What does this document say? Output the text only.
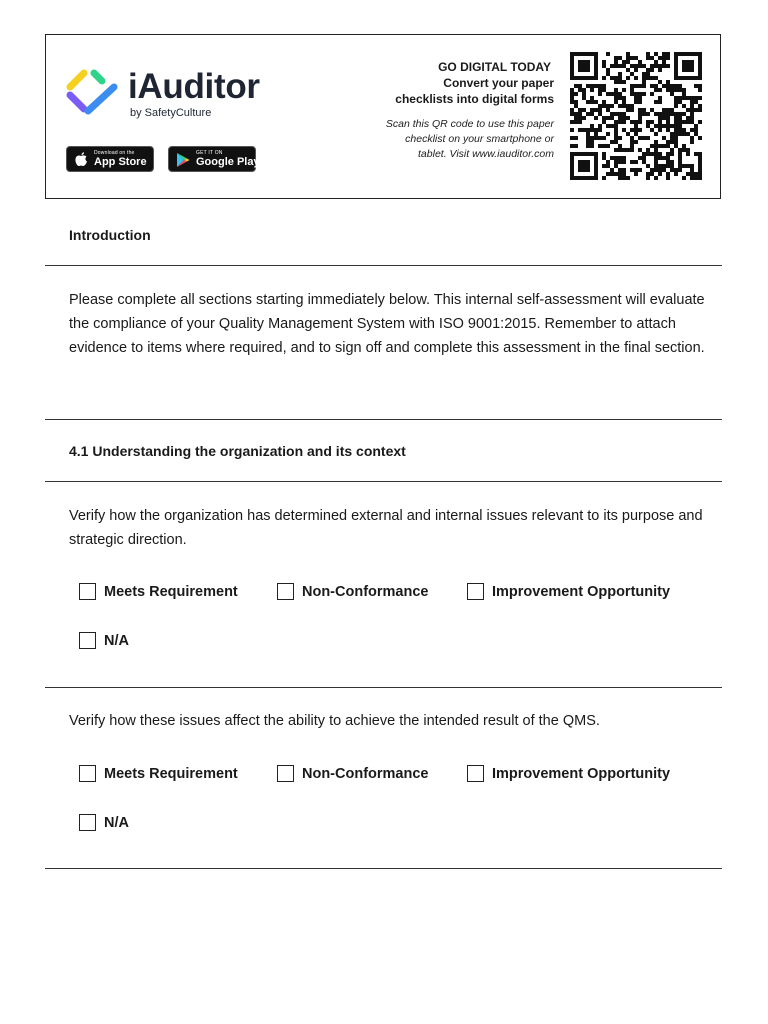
iAuditor
by SafetyCulture
Download on the
App Store
GET IT ON
Google Play
GO DIGITAL TODAY
Convert your paper
checklists into digital forms
Scan this QR code to use this paper checklist on your smartphone or tablet. Visit www.iauditor.com
Introduction
Please complete all sections starting immediately below. This internal self-assessment will evaluate the compliance of your Quality Management System with ISO 9001:2015. Remember to attach evidence to items where required, and to sign off and complete this assessment in the final section.
4.1 Understanding the organization and its context
Verify how the organization has determined external and internal issues relevant to its purpose and strategic direction.
Meets Requirement	Non-Conformance	Improvement Opportunity
N/A
Verify how these issues affect the ability to achieve the intended result of the QMS.
Meets Requirement	Non-Conformance	Improvement Opportunity
N/A
